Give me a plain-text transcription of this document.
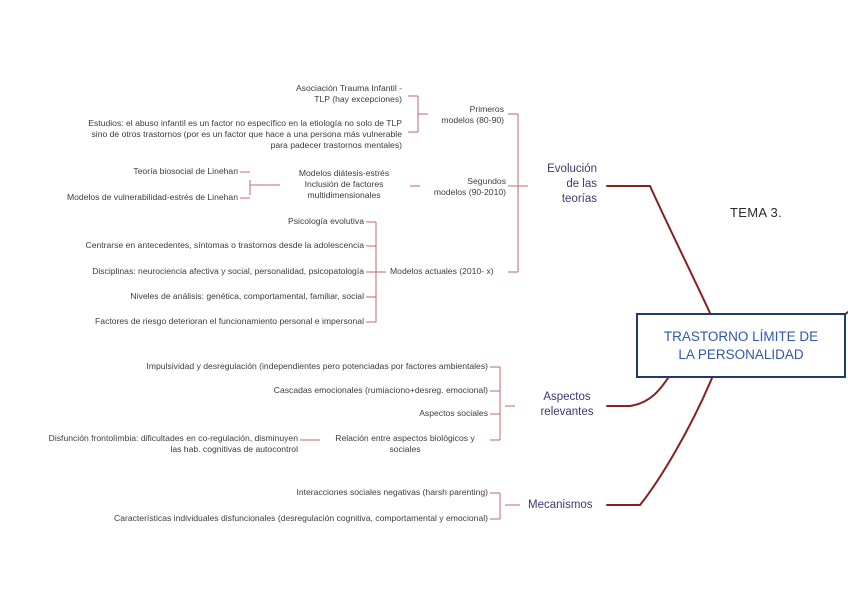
TEMA 3.
TRASTORNO LÍMITE DE
LA PERSONALIDAD
Evolución
de las
teorías
Primeros
modelos (80-90)
Asociación Trauma Infantil -
TLP (hay excepciones)
Estudios: el abuso infantil es un factor no específico en la etiología no solo de TLP
sino de otros trastornos (por es un factor que hace a una persona más vulnerable
para padecer trastornos mentales)
Segundos
modelos (90-2010)
Modelos diátesis-estrés
Inclusión de factores
multidimensionales
Teoría biosocial de Linehan
Modelos de vulnerabilidad-estrés de Linehan
Modelos actuales (2010- x)
Psicología evolutiva
Centrarse en antecedentes, síntomas o trastornos desde la adolescencia
Disciplinas: neurociencia afectiva y social, personalidad, psicopatología
Niveles de análisis: genética, comportamental, familiar, social
Factores de riesgo deterioran el funcionamiento personal e impersonal
Aspectos
relevantes
Impulsividad y desregulación (independientes pero potenciadas por factores ambientales)
Cascadas emocionales (rumiaciono+desreg. emocional)
Aspectos sociales
Relación entre aspectos biológicos y
sociales
Disfunción frontolímbia: dificultades en co-regulación, disminuyen
las hab. cognitivas de autocontrol
Mecanismos
Interacciones sociales negativas (harsh parenting)
Características individuales disfuncionales (desregulación cognitiva, comportamental y emocional)
